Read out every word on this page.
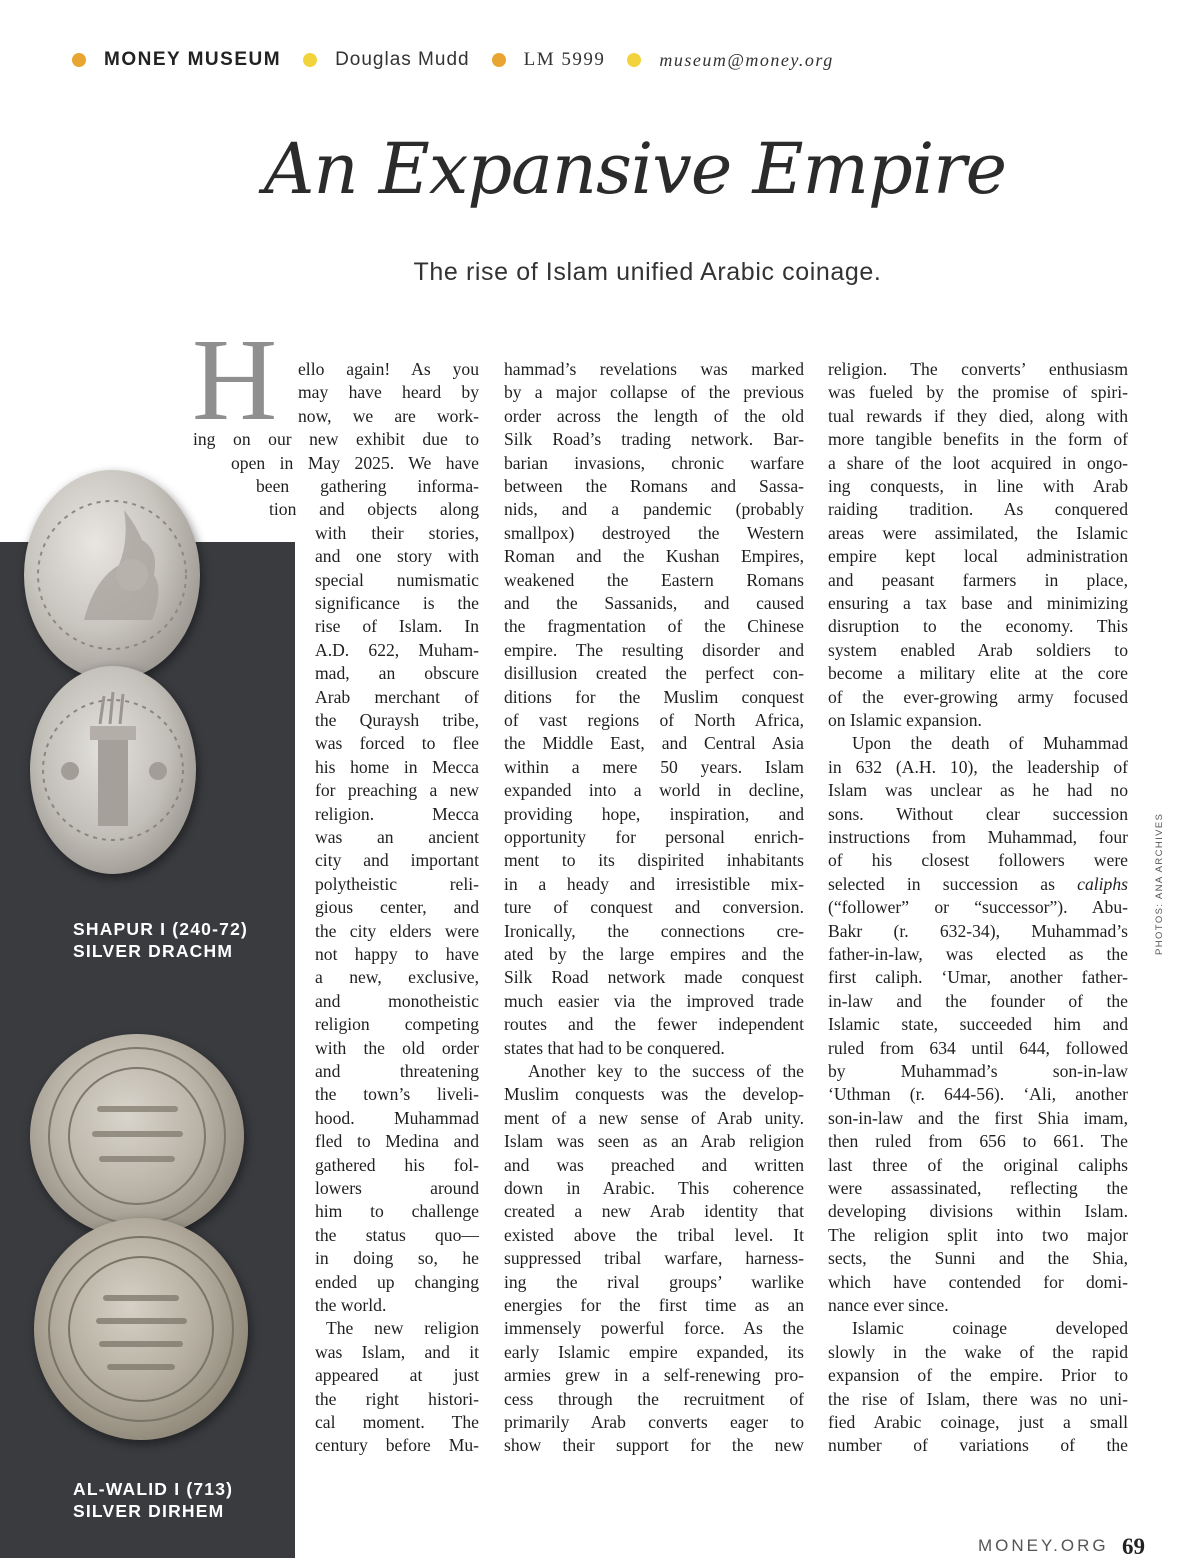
MONEY MUSEUM	Douglas Mudd	LM 5999	museum@money.org
An Expansive Empire
The rise of Islam unified Arabic coinage.
SHAPUR I (240-72)
SILVER DRACHM
AL-WALID I (713)
SILVER DIRHEM
H ello again! As you
may have heard by
now, we are work-
ing on our new exhibit due to
open in May 2025. We have
been gathering informa-
tion and objects along
with their stories,
and one story with
special numismatic
significance is the
rise of Islam. In
A.D. 622, Muham-
mad, an obscure
Arab merchant of
the Quraysh tribe,
was forced to flee
his home in Mecca
for preaching a new
religion. Mecca
was an ancient
city and important
polytheistic reli-
gious center, and
the city elders were
not happy to have
a new, exclusive,
and monotheistic
religion competing
with the old order
and threatening
the town’s liveli-
hood. Muhammad
fled to Medina and
gathered his fol-
lowers around
him to challenge
the status quo—
in doing so, he
ended up changing
the world.
The new religion
was Islam, and it
appeared at just
the right histori-
cal moment. The
century before Mu-
hammad’s revelations was marked
by a major collapse of the previous
order across the length of the old
Silk Road’s trading network. Bar-
barian invasions, chronic warfare
between the Romans and Sassa-
nids, and a pandemic (probably
smallpox) destroyed the Western
Roman and the Kushan Empires,
weakened the Eastern Romans
and the Sassanids, and caused
the fragmentation of the Chinese
empire. The resulting disorder and
disillusion created the perfect con-
ditions for the Muslim conquest
of vast regions of North Africa,
the Middle East, and Central Asia
within a mere 50 years. Islam
expanded into a world in decline,
providing hope, inspiration, and
opportunity for personal enrich-
ment to its dispirited inhabitants
in a heady and irresistible mix-
ture of conquest and conversion.
Ironically, the connections cre-
ated by the large empires and the
Silk Road network made conquest
much easier via the improved trade
routes and the fewer independent
states that had to be conquered.
Another key to the success of the
Muslim conquests was the develop-
ment of a new sense of Arab unity.
Islam was seen as an Arab religion
and was preached and written
down in Arabic. This coherence
created a new Arab identity that
existed above the tribal level. It
suppressed tribal warfare, harness-
ing the rival groups’ warlike
energies for the first time as an
immensely powerful force. As the
early Islamic empire expanded, its
armies grew in a self-renewing pro-
cess through the recruitment of
primarily Arab converts eager to
show their support for the new
religion. The converts’ enthusiasm
was fueled by the promise of spiri-
tual rewards if they died, along with
more tangible benefits in the form of
a share of the loot acquired in ongo-
ing conquests, in line with Arab
raiding tradition. As conquered
areas were assimilated, the Islamic
empire kept local administration
and peasant farmers in place,
ensuring a tax base and minimizing
disruption to the economy. This
system enabled Arab soldiers to
become a military elite at the core
of the ever-growing army focused
on Islamic expansion.
Upon the death of Muhammad
in 632 (A.H. 10), the leadership of
Islam was unclear as he had no
sons. Without clear succession
instructions from Muhammad, four
of his closest followers were
selected in succession as caliphs
(“follower” or “successor”). Abu-
Bakr (r. 632-34), Muhammad’s
father-in-law, was elected as the
first caliph. ‘Umar, another father-
in-law and the founder of the
Islamic state, succeeded him and
ruled from 634 until 644, followed
by Muhammad’s son-in-law
‘Uthman (r. 644-56). ‘Ali, another
son-in-law and the first Shia imam,
then ruled from 656 to 661. The
last three of the original caliphs
were assassinated, reflecting the
developing divisions within Islam.
The religion split into two major
sects, the Sunni and the Shia,
which have contended for domi-
nance ever since.
Islamic coinage developed
slowly in the wake of the rapid
expansion of the empire. Prior to
the rise of Islam, there was no uni-
fied Arabic coinage, just a small
number of variations of the
PHOTOS: ANA ARCHIVES
MONEY.ORG 69
